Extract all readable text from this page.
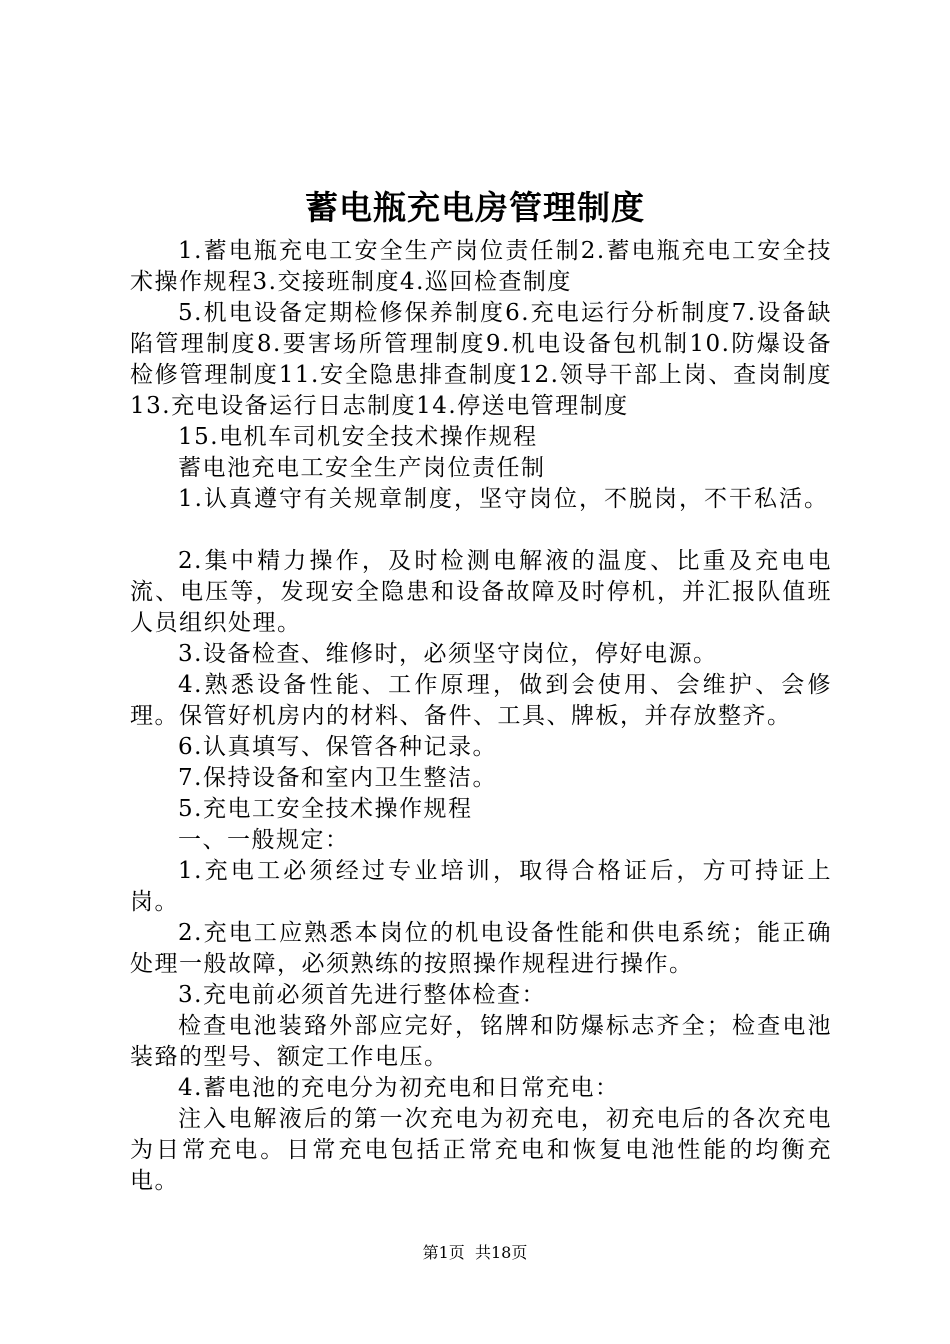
蓄电瓶充电房管理制度

1.蓄电瓶充电工安全生产岗位责任制2.蓄电瓶充电工安全技术操作规程3.交接班制度4.巡回检查制度

5.机电设备定期检修保养制度6.充电运行分析制度7.设备缺陷管理制度8.要害场所管理制度9.机电设备包机制10.防爆设备检修管理制度11.安全隐患排查制度12.领导干部上岗、查岗制度13.充电设备运行日志制度14.停送电管理制度

15.电机车司机安全技术操作规程

蓄电池充电工安全生产岗位责任制

1.认真遵守有关规章制度，坚守岗位，不脱岗，不干私活。

2.集中精力操作，及时检测电解液的温度、比重及充电电流、电压等，发现安全隐患和设备故障及时停机，并汇报队值班人员组织处理。

3.设备检查、维修时，必须坚守岗位，停好电源。

4.熟悉设备性能、工作原理，做到会使用、会维护、会修理。保管好机房内的材料、备件、工具、牌板，并存放整齐。

6.认真填写、保管各种记录。

7.保持设备和室内卫生整洁。

5.充电工安全技术操作规程

一、一般规定：

1.充电工必须经过专业培训，取得合格证后，方可持证上岗。

2.充电工应熟悉本岗位的机电设备性能和供电系统；能正确处理一般故障，必须熟练的按照操作规程进行操作。

3.充电前必须首先进行整体检查：

检查电池装臵外部应完好，铭牌和防爆标志齐全；检查电池装臵的型号、额定工作电压。

4.蓄电池的充电分为初充电和日常充电：

注入电解液后的第一次充电为初充电，初充电后的各次充电为日常充电。日常充电包括正常充电和恢复电池性能的均衡充电。

第1页 共18页
